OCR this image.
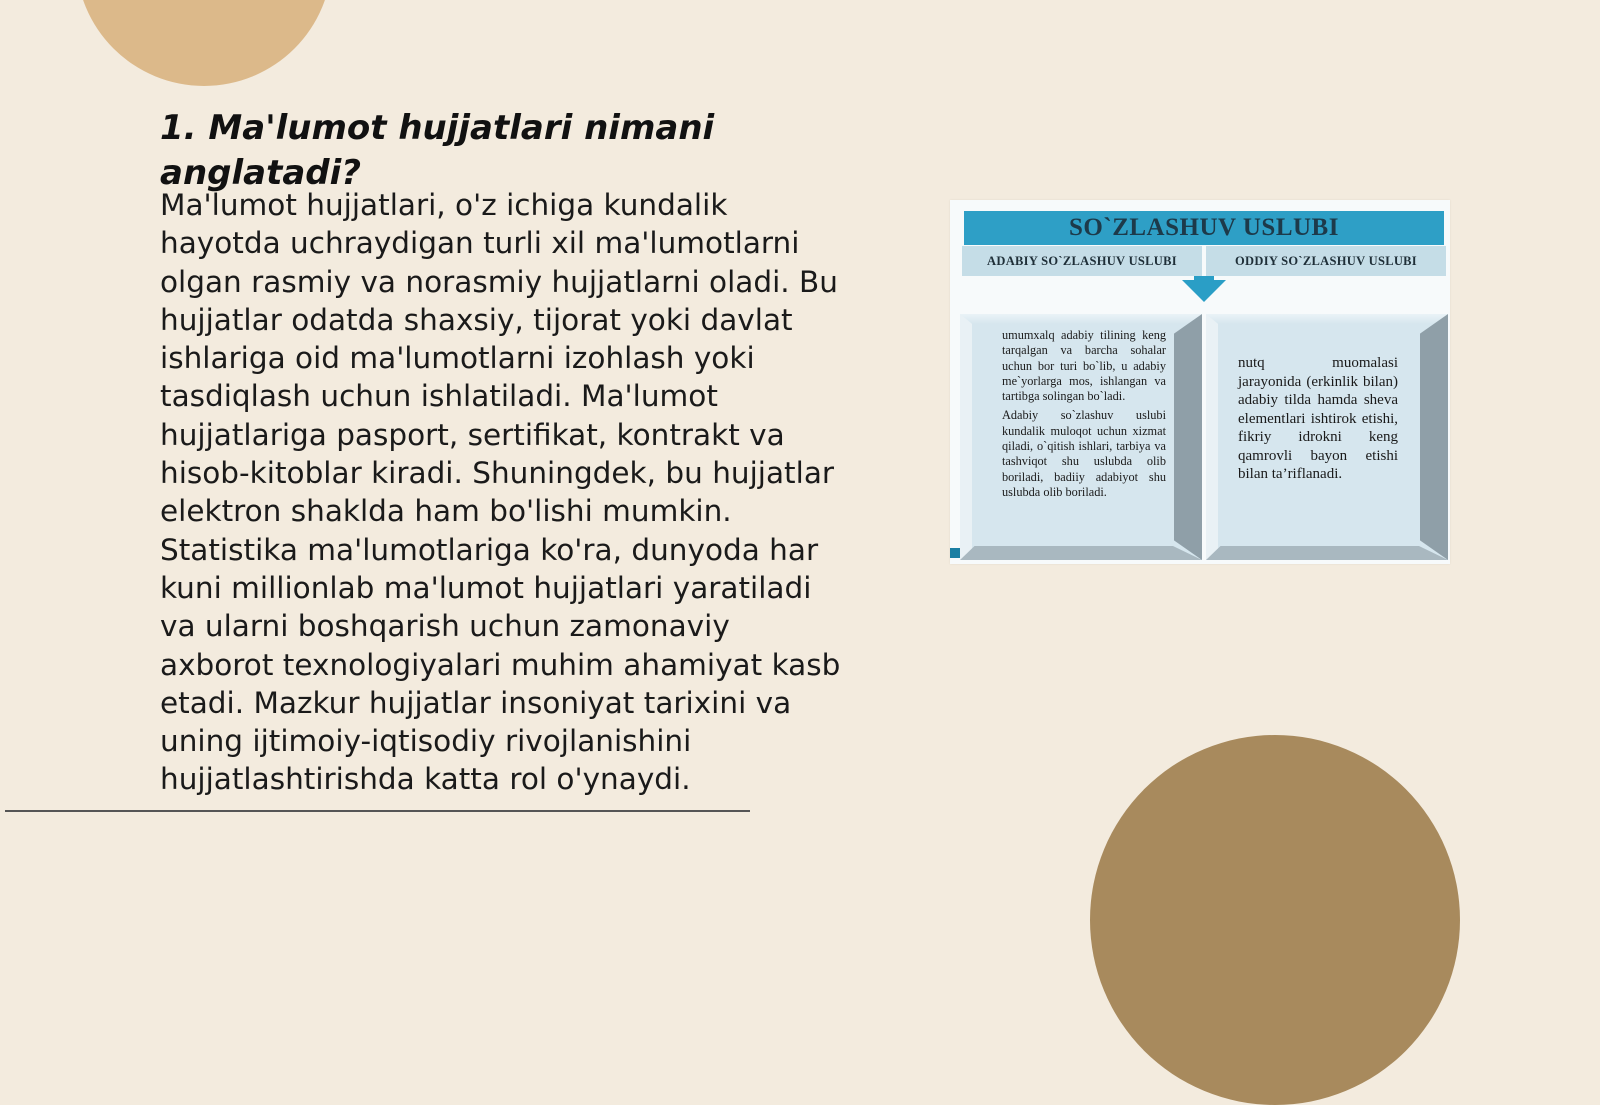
1. Ma'lumot hujjatlari nimani anglatadi?

Ma'lumot hujjatlari, o'z ichiga kundalik hayotda uchraydigan turli xil ma'lumotlarni olgan rasmiy va norasmiy hujjatlarni oladi. Bu hujjatlar odatda shaxsiy, tijorat yoki davlat ishlariga oid ma'lumotlarni izohlash yoki tasdiqlash uchun ishlatiladi. Ma'lumot hujjatlariga pasport, sertifikat, kontrakt va hisob-kitoblar kiradi. Shuningdek, bu hujjatlar elektron shaklda ham bo'lishi mumkin. Statistika ma'lumotlariga ko'ra, dunyoda har kuni millionlab ma'lumot hujjatlari yaratiladi va ularni boshqarish uchun zamonaviy axborot texnologiyalari muhim ahamiyat kasb etadi. Mazkur hujjatlar insoniyat tarixini va uning ijtimoiy-iqtisodiy rivojlanishini hujjatlashtirishda katta rol o'ynaydi.

SO`ZLASHUV USLUBI
ADABIY SO`ZLASHUV USLUBI	ODDIY SO`ZLASHUV USLUBI

umumxalq adabiy tilining keng tarqalgan va barcha sohalar uchun bor turi bo`lib, u adabiy me`yorlarga mos, ishlangan va tartibga solingan bo`ladi.

Adabiy so`zlashuv uslubi kundalik muloqot uchun xizmat qiladi, o`qitish ishlari, tarbiya va tashviqot shu uslubda olib boriladi, badiiy adabiyot shu uslubda olib boriladi.

nutq muomalasi jarayonida (erkinlik bilan) adabiy tilda hamda sheva elementlari ishtirok etishi, fikriy idrokni keng qamrovli bayon etishi bilan ta’riflanadi.
